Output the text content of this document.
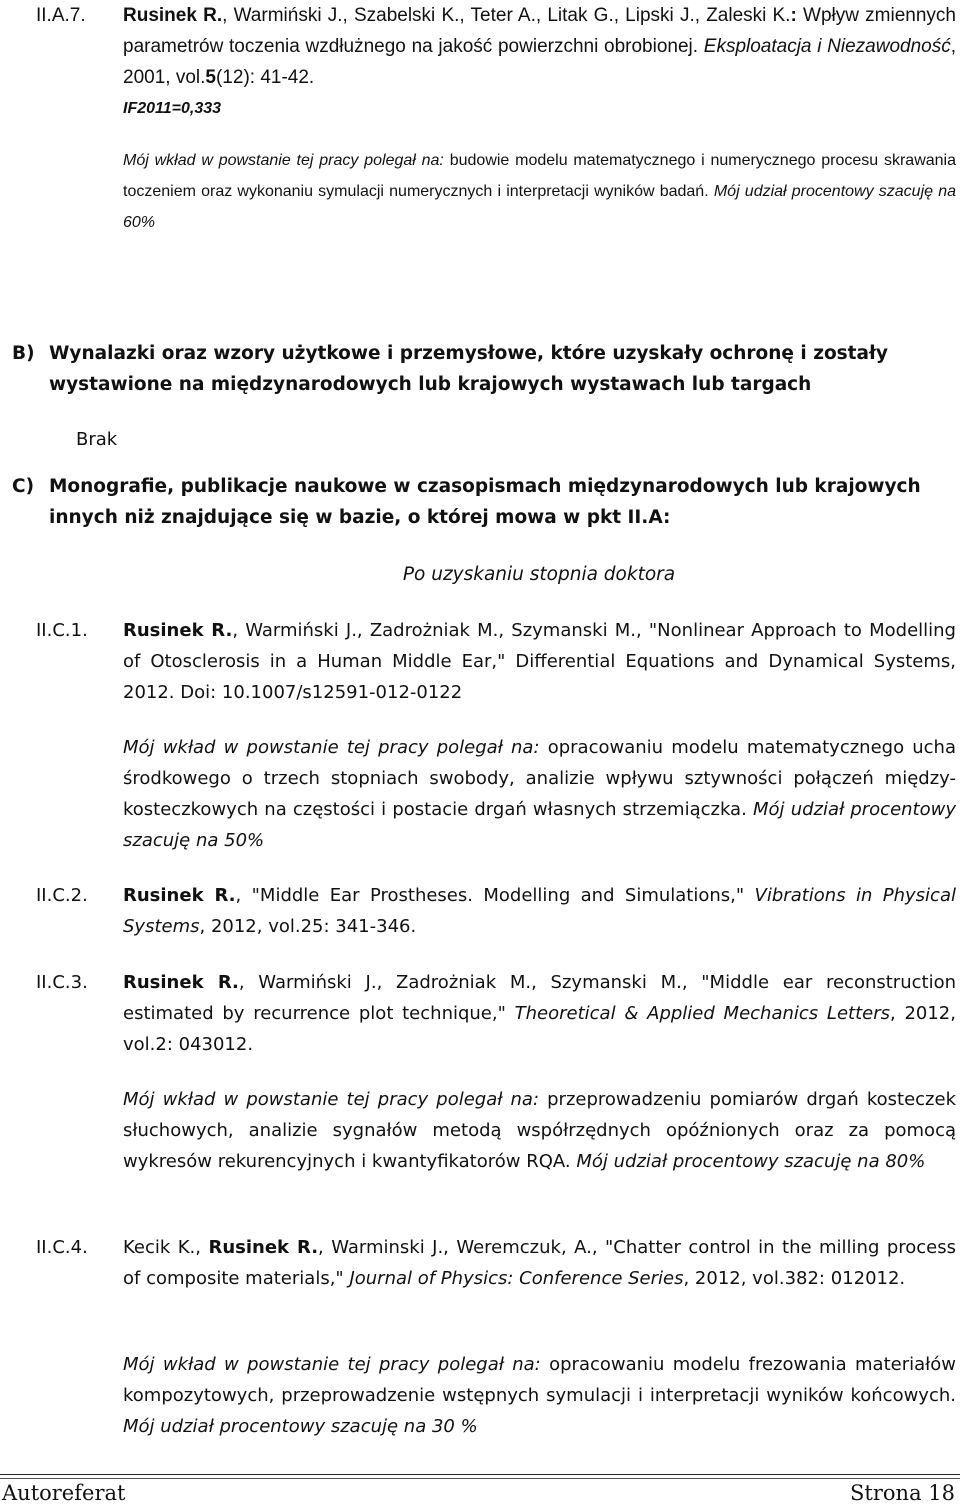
II.A.7. Rusinek R., Warmiński J., Szabelski K., Teter A., Litak G., Lipski J., Zaleski K.: Wpływ zmiennych parametrów toczenia wzdłużnego na jakość powierzchni obrobionej. Eksploatacja i Niezawodność, 2001, vol.5(12): 41-42.
IF2011=0,333
Mój wkład w powstanie tej pracy polegał na: budowie modelu matematycznego i numerycznego procesu skrawania toczeniem oraz wykonaniu symulacji numerycznych i interpretacji wyników badań. Mój udział procentowy szacuję na 60%
B) Wynalazki oraz wzory użytkowe i przemysłowe, które uzyskały ochronę i zostały wystawione na międzynarodowych lub krajowych wystawach lub targach
Brak
C) Monografie, publikacje naukowe w czasopismach międzynarodowych lub krajowych innych niż znajdujące się w bazie, o której mowa w pkt II.A:
Po uzyskaniu stopnia doktora
II.C.1. Rusinek R., Warmiński J., Zadrożniak M., Szymanski M., "Nonlinear Approach to Modelling of Otosclerosis in a Human Middle Ear," Differential Equations and Dynamical Systems, 2012. Doi: 10.1007/s12591-012-0122
Mój wkład w powstanie tej pracy polegał na: opracowaniu modelu matematycznego ucha środkowego o trzech stopniach swobody, analizie wpływu sztywności połączeń między-kosteczkowych na częstości i postacie drgań własnych strzemiączka. Mój udział procentowy szacuję na 50%
II.C.2. Rusinek R., "Middle Ear Prostheses. Modelling and Simulations," Vibrations in Physical Systems, 2012, vol.25: 341-346.
II.C.3. Rusinek R., Warmiński J., Zadrożniak M., Szymanski M., "Middle ear reconstruction estimated by recurrence plot technique," Theoretical & Applied Mechanics Letters, 2012, vol.2: 043012.
Mój wkład w powstanie tej pracy polegał na: przeprowadzeniu pomiarów drgań kosteczek słuchowych, analizie sygnałów metodą współrzędnych opóźnionych oraz za pomocą wykresów rekurencyjnych i kwantyfikatorów RQA. Mój udział procentowy szacuję na 80%
II.C.4. Kecik K., Rusinek R., Warminski J., Weremczuk, A., "Chatter control in the milling process of composite materials," Journal of Physics: Conference Series, 2012, vol.382: 012012.
Mój wkład w powstanie tej pracy polegał na: opracowaniu modelu frezowania materiałów kompozytowych, przeprowadzenie wstępnych symulacji i interpretacji wyników końcowych. Mój udział procentowy szacuję na 30 %
Autoreferat	Strona 18
